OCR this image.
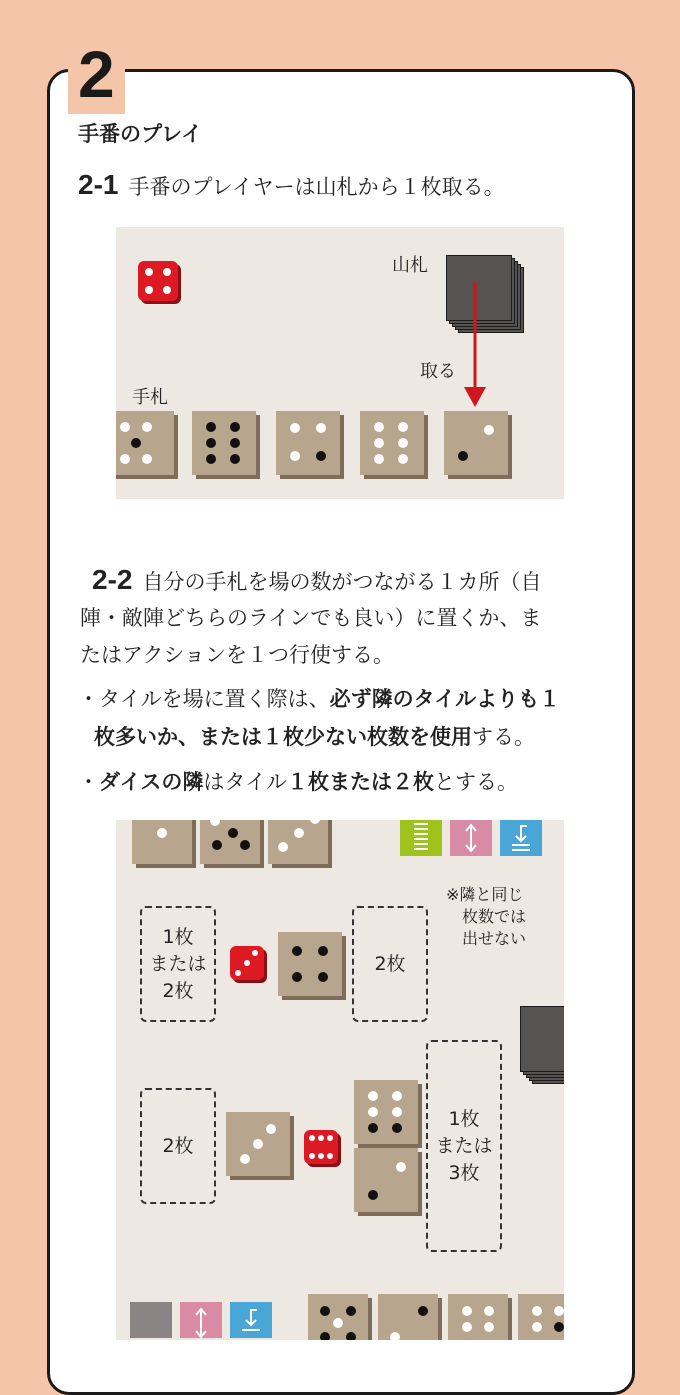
2
手番のプレイ
2-1 手番のプレイヤーは山札から１枚取る。
山札
取る
手札
2-2 自分の手札を場の数がつながる１カ所（自
陣・敵陣どちらのラインでも良い）に置くか、ま
たはアクションを１つ行使する。
・タイルを場に置く際は、必ず隣のタイルよりも１
枚多いか、または１枚少ない枚数を使用する。
・ダイスの隣はタイル１枚または２枚とする。
※隣と同じ
枚数では
出せない
1枚
または
2枚
2枚
2枚
1枚
または
3枚
